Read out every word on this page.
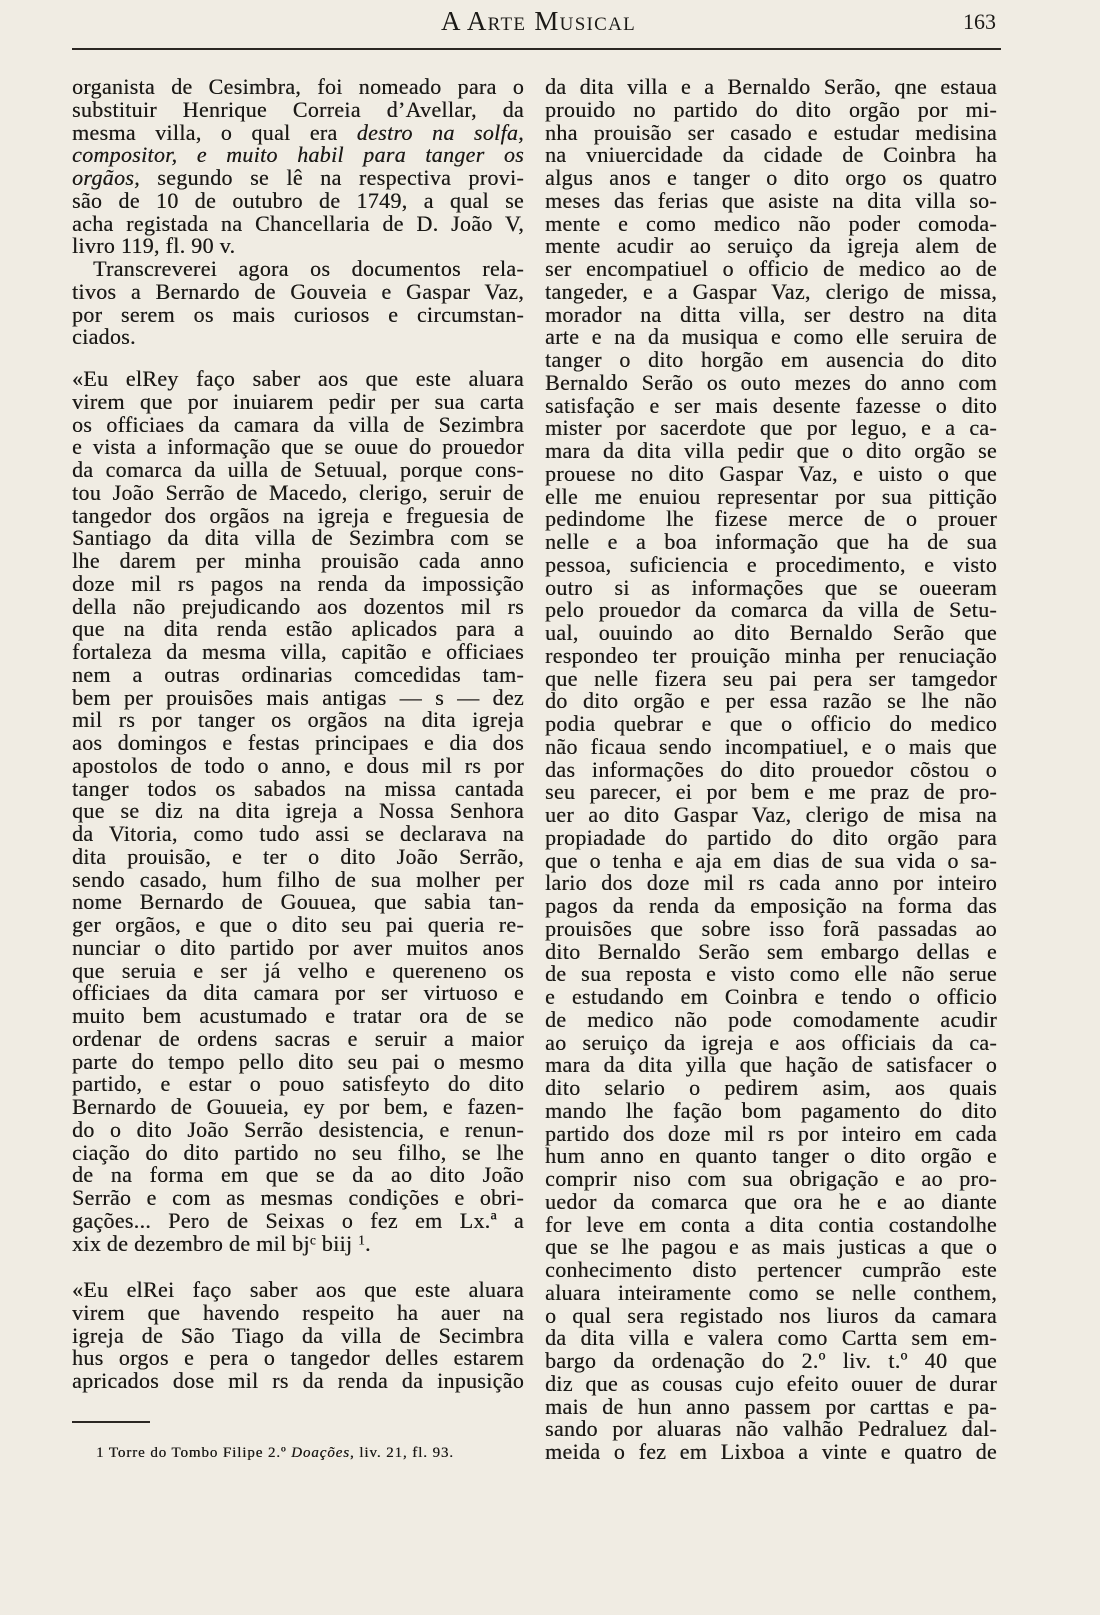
A Arte Musical	163
organista de Cesimbra, foi nomeado para o
substituir Henrique Correia d’Avellar, da
mesma villa, o qual era destro na solfa,
compositor, e muito habil para tanger os
orgãos, segundo se lê na respectiva provi-
são de 10 de outubro de 1749, a qual se
acha registada na Chancellaria de D. João V,
livro 119, fl. 90 v.
Transcreverei agora os documentos rela-
tivos a Bernardo de Gouveia e Gaspar Vaz,
por serem os mais curiosos e circumstan-
ciados.
«Eu elRey faço saber aos que este aluara
virem que por inuiarem pedir per sua carta
os officiaes da camara da villa de Sezimbra
e vista a informação que se ouue do prouedor
da comarca da uilla de Setuual, porque cons-
tou João Serrão de Macedo, clerigo, seruir de
tangedor dos orgãos na igreja e freguesia de
Santiago da dita villa de Sezimbra com se
lhe darem per minha prouisão cada anno
doze mil rs pagos na renda da impossição
della não prejudicando aos dozentos mil rs
que na dita renda estão aplicados para a
fortaleza da mesma villa, capitão e officiaes
nem a outras ordinarias comcedidas tam-
bem per prouisões mais antigas — s — dez
mil rs por tanger os orgãos na dita igreja
aos domingos e festas principaes e dia dos
apostolos de todo o anno, e dous mil rs por
tanger todos os sabados na missa cantada
que se diz na dita igreja a Nossa Senhora
da Vitoria, como tudo assi se declarava na
dita prouisão, e ter o dito João Serrão,
sendo casado, hum filho de sua molher per
nome Bernardo de Gouuea, que sabia tan-
ger orgãos, e que o dito seu pai queria re-
nunciar o dito partido por aver muitos anos
que seruia e ser já velho e quereneno os
officiaes da dita camara por ser virtuoso e
muito bem acustumado e tratar ora de se
ordenar de ordens sacras e seruir a maior
parte do tempo pello dito seu pai o mesmo
partido, e estar o pouo satisfeyto do dito
Bernardo de Gouueia, ey por bem, e fazen-
do o dito João Serrão desistencia, e renun-
ciação do dito partido no seu filho, se lhe
de na forma em que se da ao dito João
Serrão e com as mesmas condições e obri-
gações... Pero de Seixas o fez em Lx.ª a
xix de dezembro de mil $bj^c$ biij $^1$.
«Eu elRei faço saber aos que este aluara
virem que havendo respeito ha auer na
igreja de São Tiago da villa de Secimbra
hus orgos e pera o tangedor delles estarem
apricados dose mil rs da renda da inpusição
1 Torre do Tombo Filipe 2.º Doações, liv. 21, fl. 93.
da dita villa e a Bernaldo Serão, qne estaua
prouido no partido do dito orgão por mi-
nha prouisão ser casado e estudar medisina
na vniuercidade da cidade de Coinbra ha
algus anos e tanger o dito orgo os quatro
meses das ferias que asiste na dita villa so-
mente e como medico não poder comoda-
mente acudir ao seruiço da igreja alem de
ser encompatiuel o officio de medico ao de
tangeder, e a Gaspar Vaz, clerigo de missa,
morador na ditta villa, ser destro na dita
arte e na da musiqua e como elle seruira de
tanger o dito horgão em ausencia do dito
Bernaldo Serão os outo mezes do anno com
satisfação e ser mais desente fazesse o dito
mister por sacerdote que por leguo, e a ca-
mara da dita villa pedir que o dito orgão se
prouese no dito Gaspar Vaz, e uisto o que
elle me enuiou representar por sua pittição
pedindome lhe fizese merce de o prouer
nelle e a boa informação que ha de sua
pessoa, suficiencia e procedimento, e visto
outro si as informações que se oueeram
pelo prouedor da comarca da villa de Setu-
ual, ouuindo ao dito Bernaldo Serão que
respondeo ter prouição minha per renuciação
que nelle fizera seu pai pera ser tamgedor
do dito orgão e per essa razão se lhe não
podia quebrar e que o officio do medico
não ficaua sendo incompatiuel, e o mais que
das informações do dito prouedor cõstou o
seu parecer, ei por bem e me praz de pro-
uer ao dito Gaspar Vaz, clerigo de misa na
propiadade do partido do dito orgão para
que o tenha e aja em dias de sua vida o sa-
lario dos doze mil rs cada anno por inteiro
pagos da renda da emposição na forma das
prouisões que sobre isso forã passadas ao
dito Bernaldo Serão sem embargo dellas e
de sua reposta e visto como elle não serue
e estudando em Coinbra e tendo o officio
de medico não pode comodamente acudir
ao seruiço da igreja e aos officiais da ca-
mara da dita yilla que hação de satisfacer o
dito selario o pedirem asim, aos quais
mando lhe fação bom pagamento do dito
partido dos doze mil rs por inteiro em cada
hum anno en quanto tanger o dito orgão e
comprir niso com sua obrigação e ao pro-
uedor da comarca que ora he e ao diante
for leve em conta a dita contia costandolhe
que se lhe pagou e as mais justicas a que o
conhecimento disto pertencer cumprão este
aluara inteiramente como se nelle conthem,
o qual sera registado nos liuros da camara
da dita villa e valera como Cartta sem em-
bargo da ordenação do 2.º liv. t.º 40 que
diz que as cousas cujo efeito ouuer de durar
mais de hun anno passem por carttas e pa-
sando por aluaras não valhão Pedraluez dal-
meida o fez em Lixboa a vinte e quatro de
